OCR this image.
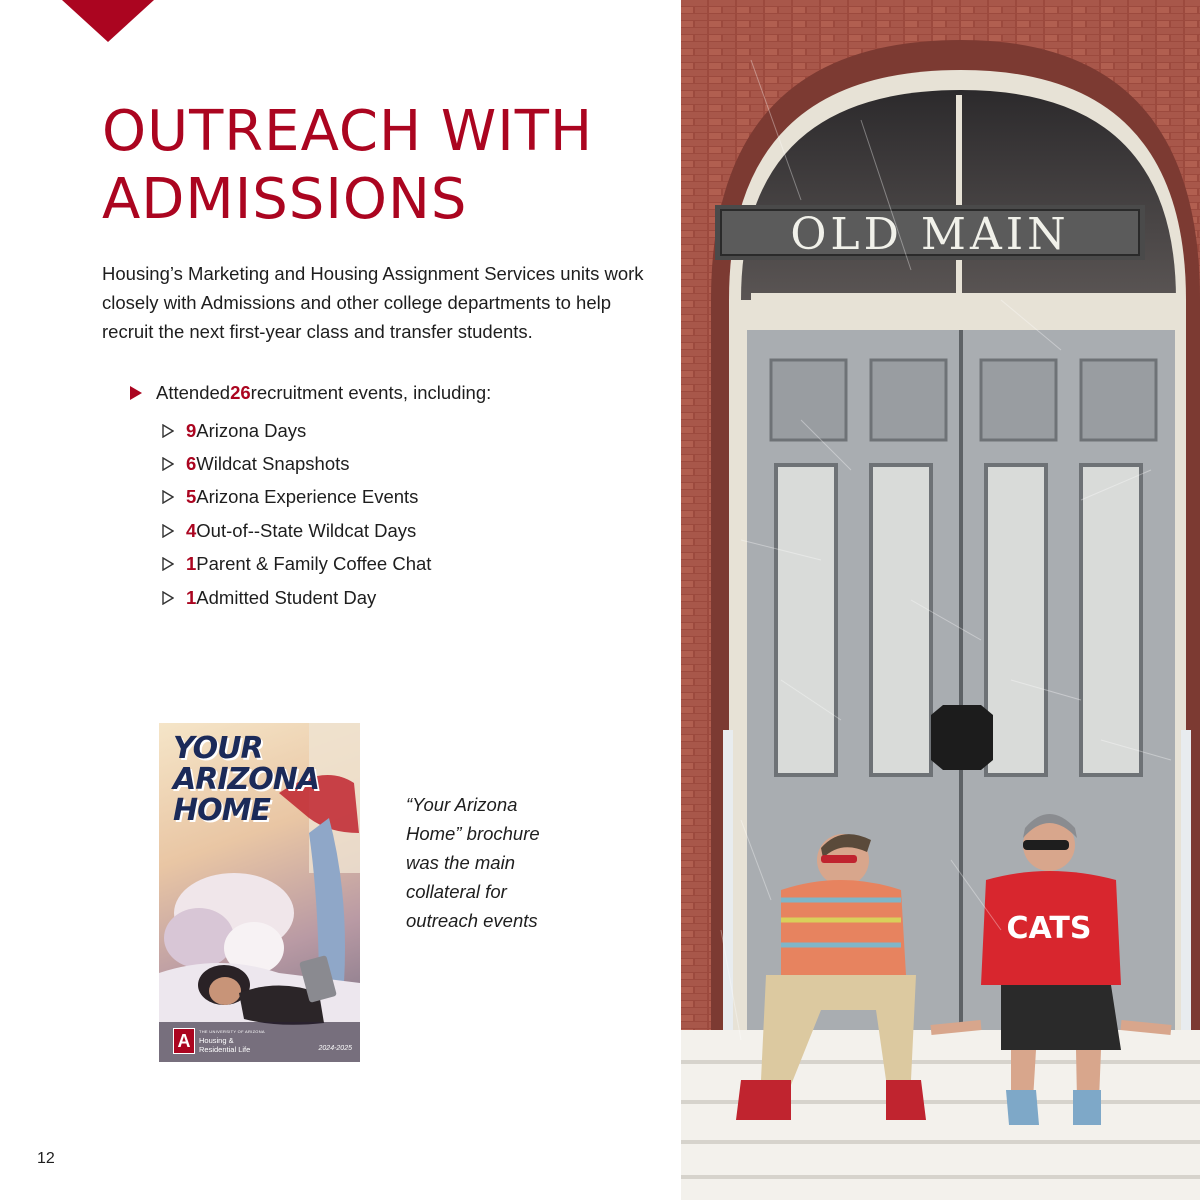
OUTREACH WITH
ADMISSIONS

Housing’s Marketing and Housing Assignment Services units work closely with Admissions and other college departments to help recruit the next first-year class and transfer students.

Attended 26 recruitment events, including:
9 Arizona Days
6 Wildcat Snapshots
5 Arizona Experience Events
4 Out-of--State Wildcat Days
1 Parent & Family Coffee Chat
1 Admitted Student Day
YOUR
ARIZONA
HOME
A	THE UNIVERSITY OF ARIZONA
Housing & Residential Life	2024-2025

“Your Arizona Home” brochure was the main collateral for outreach events

12
OLD MAIN
CATS
